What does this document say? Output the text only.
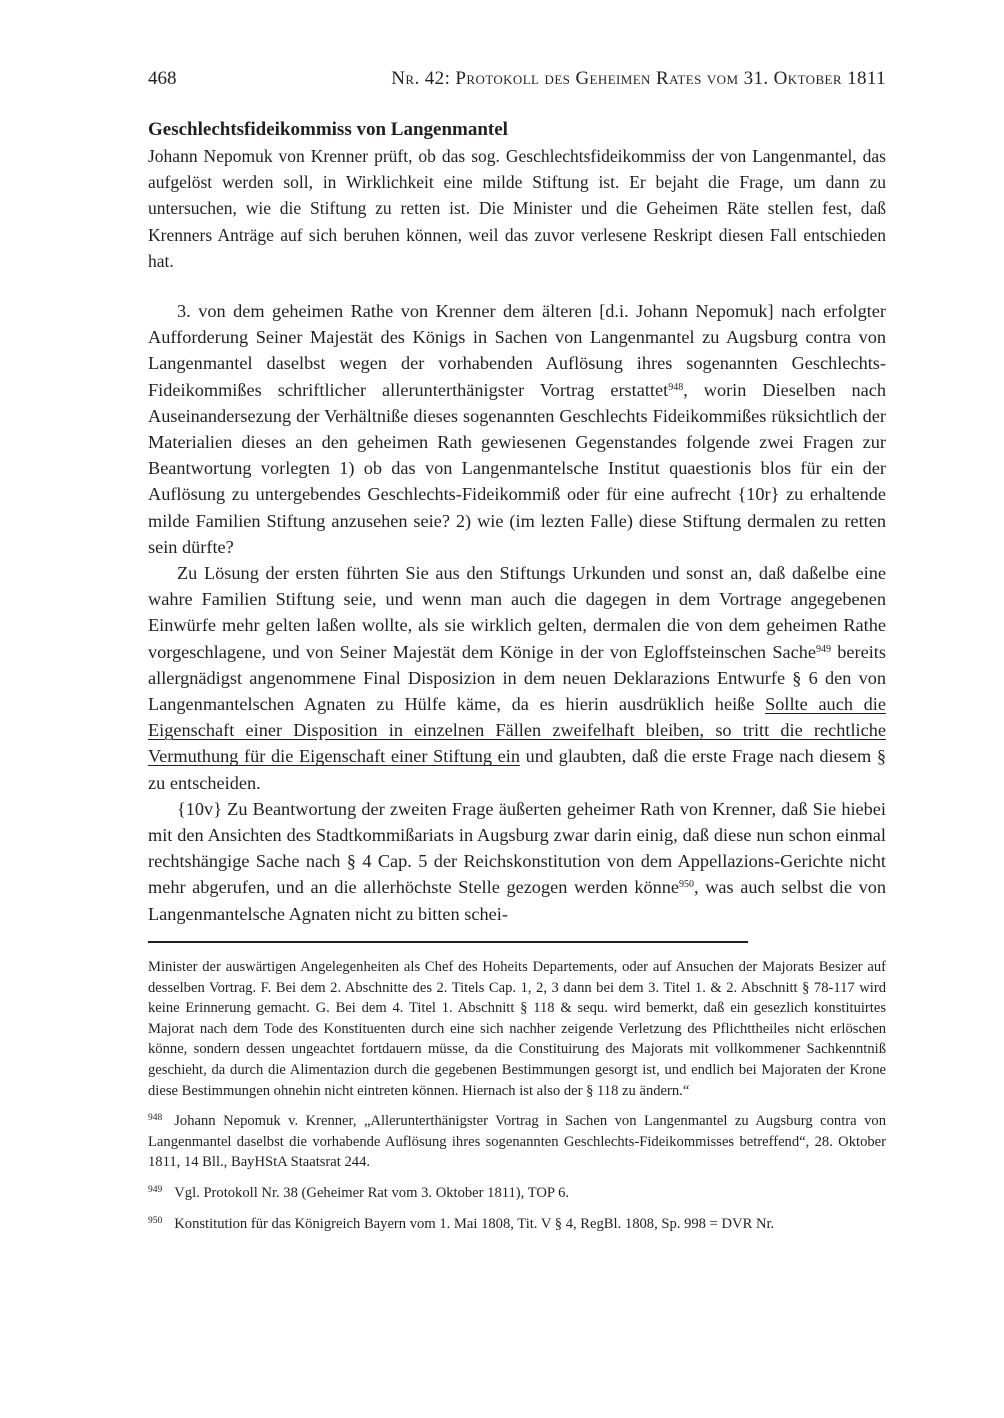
468	Nr. 42: Protokoll des Geheimen Rates vom 31. Oktober 1811
Geschlechtsfideikommiss von Langenmantel

Johann Nepomuk von Krenner prüft, ob das sog. Geschlechtsfideikommiss der von Langenmantel, das aufgelöst werden soll, in Wirklichkeit eine milde Stiftung ist. Er bejaht die Frage, um dann zu untersuchen, wie die Stiftung zu retten ist. Die Minister und die Geheimen Räte stellen fest, daß Krenners Anträge auf sich beruhen können, weil das zuvor verlesene Reskript diesen Fall entschieden hat.

3. von dem geheimen Rathe von Krenner dem älteren [d.i. Johann Nepomuk] nach erfolgter Aufforderung Seiner Majestät des Königs in Sachen von Langenmantel zu Augsburg contra von Langenmantel daselbst wegen der vorhabenden Auflösung ihres sogenannten Geschlechts-Fideikommißes schriftlicher allerunterthänigster Vortrag erstattet$^{948}$, worin Dieselben nach Auseinandersezung der Verhältniße dieses sogenannten Geschlechts Fideikommißes rüksichtlich der Materialien dieses an den geheimen Rath gewiesenen Gegenstandes folgende zwei Fragen zur Beantwortung vorlegten 1) ob das von Langenmantelsche Institut quaestionis blos für ein der Auflösung zu untergebendes Geschlechts-Fideikommiß oder für eine aufrecht {10r} zu erhaltende milde Familien Stiftung anzusehen seie? 2) wie (im lezten Falle) diese Stiftung dermalen zu retten sein dürfte?

Zu Lösung der ersten führten Sie aus den Stiftungs Urkunden und sonst an, daß daßelbe eine wahre Familien Stiftung seie, und wenn man auch die dagegen in dem Vortrage angegebenen Einwürfe mehr gelten laßen wollte, als sie wirklich gelten, dermalen die von dem geheimen Rathe vorgeschlagene, und von Seiner Majestät dem Könige in der von Egloffsteinschen Sache$^{949}$ bereits allergnädigst angenommene Final Disposizion in dem neuen Deklarazions Entwurfe § 6 den von Langenmantelschen Agnaten zu Hülfe käme, da es hierin ausdrüklich heiße Sollte auch die Eigenschaft einer Disposition in einzelnen Fällen zweifelhaft bleiben, so tritt die rechtliche Vermuthung für die Eigenschaft einer Stiftung ein und glaubten, daß die erste Frage nach diesem § zu entscheiden.

{10v} Zu Beantwortung der zweiten Frage äußerten geheimer Rath von Krenner, daß Sie hiebei mit den Ansichten des Stadtkommißariats in Augsburg zwar darin einig, daß diese nun schon einmal rechtshängige Sache nach § 4 Cap. 5 der Reichskonstitution von dem Appellazions-Gerichte nicht mehr abgerufen, und an die allerhöchste Stelle gezogen werden könne$^{950}$, was auch selbst die von Langenmantelsche Agnaten nicht zu bitten schei-

Minister der auswärtigen Angelegenheiten als Chef des Hoheits Departements, oder auf Ansuchen der Majorats Besizer auf desselben Vortrag. F. Bei dem 2. Abschnitte des 2. Titels Cap. 1, 2, 3 dann bei dem 3. Titel 1. & 2. Abschnitt § 78-117 wird keine Erinnerung gemacht. G. Bei dem 4. Titel 1. Abschnitt § 118 & sequ. wird bemerkt, daß ein gesezlich konstituirtes Majorat nach dem Tode des Konstituenten durch eine sich nachher zeigende Verletzung des Pflichttheiles nicht erlöschen könne, sondern dessen ungeachtet fortdauern müsse, da die Constituirung des Majorats mit vollkommener Sachkenntniß geschieht, da durch die Alimentazion durch die gegebenen Bestimmungen gesorgt ist, und endlich bei Majoraten der Krone diese Bestimmungen ohnehin nicht eintreten können. Hiernach ist also der § 118 zu ändern.“

$^{948}$ Johann Nepomuk v. Krenner, „Allerunterthänigster Vortrag in Sachen von Langenmantel zu Augsburg contra von Langenmantel daselbst die vorhabende Auflösung ihres sogenannten Geschlechts-Fideikommisses betreffend“, 28. Oktober 1811, 14 Bll., BayHStA Staatsrat 244.

$^{949}$ Vgl. Protokoll Nr. 38 (Geheimer Rat vom 3. Oktober 1811), TOP 6.

$^{950}$ Konstitution für das Königreich Bayern vom 1. Mai 1808, Tit. V § 4, RegBl. 1808, Sp. 998 = DVR Nr.
